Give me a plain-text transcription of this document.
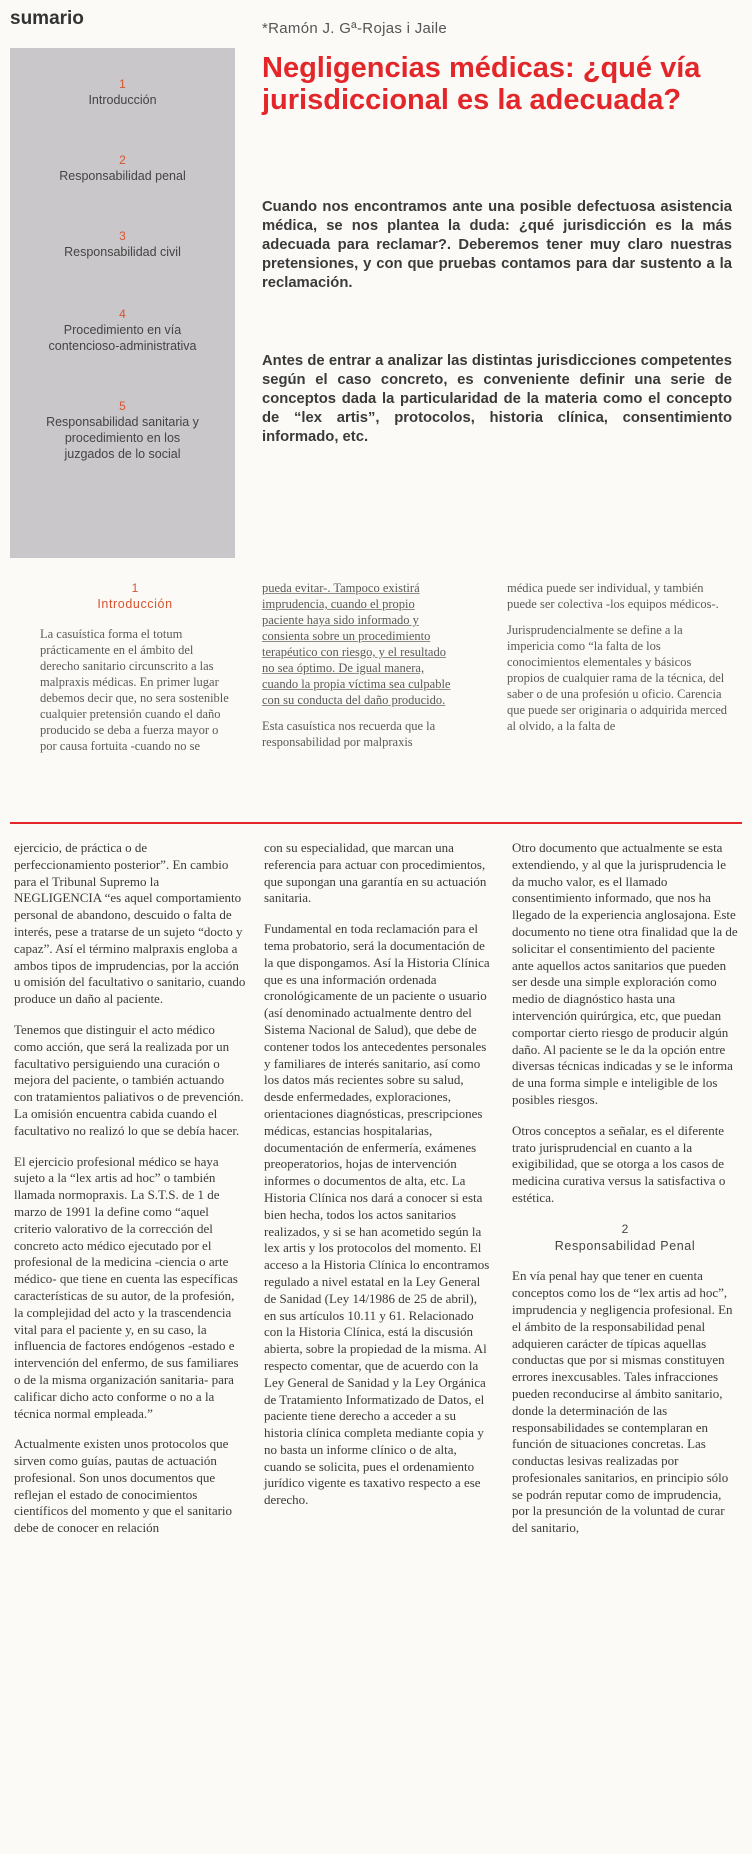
sumario
1
Introducción
2
Responsabilidad penal
3
Responsabilidad civil
4
Procedimiento en vía contencioso-administrativa
5
Responsabilidad sanitaria y procedimiento en los juzgados de lo social
*Ramón J. Gª-Rojas i Jaile
Negligencias médicas: ¿qué vía jurisdiccional es la adecuada?

Cuando nos encontramos ante una posible defectuosa asistencia médica, se nos plantea la duda: ¿qué jurisdicción es la más adecuada para reclamar?. Deberemos tener muy claro nuestras pretensiones, y con que pruebas contamos para dar sustento a la reclamación.

Antes de entrar a analizar las distintas jurisdicciones competentes según el caso concreto, es conveniente definir una serie de conceptos dada la particularidad de la materia como el concepto de “lex artis”, protocolos, historia clínica, consentimiento informado, etc.

1
Introducción

La casuística forma el totum prácticamente en el ámbito del derecho sanitario circunscrito a las malpraxis médicas. En primer lugar debemos decir que, no sera sostenible cualquier pretensión cuando el daño producido se deba a fuerza mayor o por causa fortuita -cuando no se

pueda evitar-. Tampoco existirá imprudencia, cuando el propio paciente haya sido informado y consienta sobre un procedimiento terapéutico con riesgo, y el resultado no sea óptimo. De igual manera, cuando la propia víctima sea culpable con su conducta del daño producido.

Esta casuística nos recuerda que la responsabilidad por malpraxis

médica puede ser individual, y también puede ser colectiva -los equipos médicos-.

Jurisprudencialmente se define a la impericia como “la falta de los conocimientos elementales y básicos propios de cualquier rama de la técnica, del saber o de una profesión u oficio. Carencia que puede ser originaria o adquirida merced al olvido, a la falta de

ejercicio, de práctica o de perfeccionamiento posterior”. En cambio para el Tribunal Supremo la NEGLIGENCIA “es aquel comportamiento personal de abandono, descuido o falta de interés, pese a tratarse de un sujeto “docto y capaz”. Así el término malpraxis engloba a ambos tipos de imprudencias, por la acción u omisión del facultativo o sanitario, cuando produce un daño al paciente.

Tenemos que distinguir el acto médico como acción, que será la realizada por un facultativo persiguiendo una curación o mejora del paciente, o también actuando con tratamientos paliativos o de prevención. La omisión encuentra cabida cuando el facultativo no realizó lo que se debía hacer.

El ejercicio profesional médico se haya sujeto a la “lex artis ad hoc” o también llamada normopraxis. La S.T.S. de 1 de marzo de 1991 la define como “aquel criterio valorativo de la corrección del concreto acto médico ejecutado por el profesional de la medicina -ciencia o arte médico- que tiene en cuenta las específicas características de su autor, de la profesión, la complejidad del acto y la trascendencia vital para el paciente y, en su caso, la influencia de factores endógenos -estado e intervención del enfermo, de sus familiares o de la misma organización sanitaria- para calificar dicho acto conforme o no a la técnica normal empleada.”

Actualmente existen unos protocolos que sirven como guías, pautas de actuación profesional. Son unos documentos que reflejan el estado de conocimientos científicos del momento y que el sanitario debe de conocer en relación

con su especialidad, que marcan una referencia para actuar con procedimientos, que supongan una garantía en su actuación sanitaria.

Fundamental en toda reclamación para el tema probatorio, será la documentación de la que dispongamos. Así la Historia Clínica que es una información ordenada cronológicamente de un paciente o usuario (así denominado actualmente dentro del Sistema Nacional de Salud), que debe de contener todos los antecedentes personales y familiares de interés sanitario, así como los datos más recientes sobre su salud, desde enfermedades, exploraciones, orientaciones diagnósticas, prescripciones médicas, estancias hospitalarias, documentación de enfermería, exámenes preoperatorios, hojas de intervención informes o documentos de alta, etc. La Historia Clínica nos dará a conocer si esta bien hecha, todos los actos sanitarios realizados, y si se han acometido según la lex artis y los protocolos del momento. El acceso a la Historia Clínica lo encontramos regulado a nivel estatal en la Ley General de Sanidad (Ley 14/1986 de 25 de abril), en sus artículos 10.11 y 61. Relacionado con la Historia Clínica, está la discusión abierta, sobre la propiedad de la misma. Al respecto comentar, que de acuerdo con la Ley General de Sanidad y la Ley Orgánica de Tratamiento Informatizado de Datos, el paciente tiene derecho a acceder a su historia clínica completa mediante copia y no basta un informe clínico o de alta, cuando se solicita, pues el ordenamiento jurídico vigente es taxativo respecto a ese derecho.

Otro documento que actualmente se esta extendiendo, y al que la jurisprudencia le da mucho valor, es el llamado consentimiento informado, que nos ha llegado de la experiencia anglosajona. Este documento no tiene otra finalidad que la de solicitar el consentimiento del paciente ante aquellos actos sanitarios que pueden ser desde una simple exploración como medio de diagnóstico hasta una intervención quirúrgica, etc, que puedan comportar cierto riesgo de producir algún daño. Al paciente se le da la opción entre diversas técnicas indicadas y se le informa de una forma simple e inteligible de los posibles riesgos.

Otros conceptos a señalar, es el diferente trato jurisprudencial en cuanto a la exigibilidad, que se otorga a los casos de medicina curativa versus la satisfactiva o estética.

2
Responsabilidad Penal

En vía penal hay que tener en cuenta conceptos como los de “lex artis ad hoc”, imprudencia y negligencia profesional. En el ámbito de la responsabilidad penal adquieren carácter de típicas aquellas conductas que por si mismas constituyen errores inexcusables. Tales infracciones pueden reconducirse al ámbito sanitario, donde la determinación de las responsabilidades se contemplaran en función de situaciones concretas. Las conductas lesivas realizadas por profesionales sanitarios, en principio sólo se podrán reputar como de imprudencia, por la presunción de la voluntad de curar del sanitario,
